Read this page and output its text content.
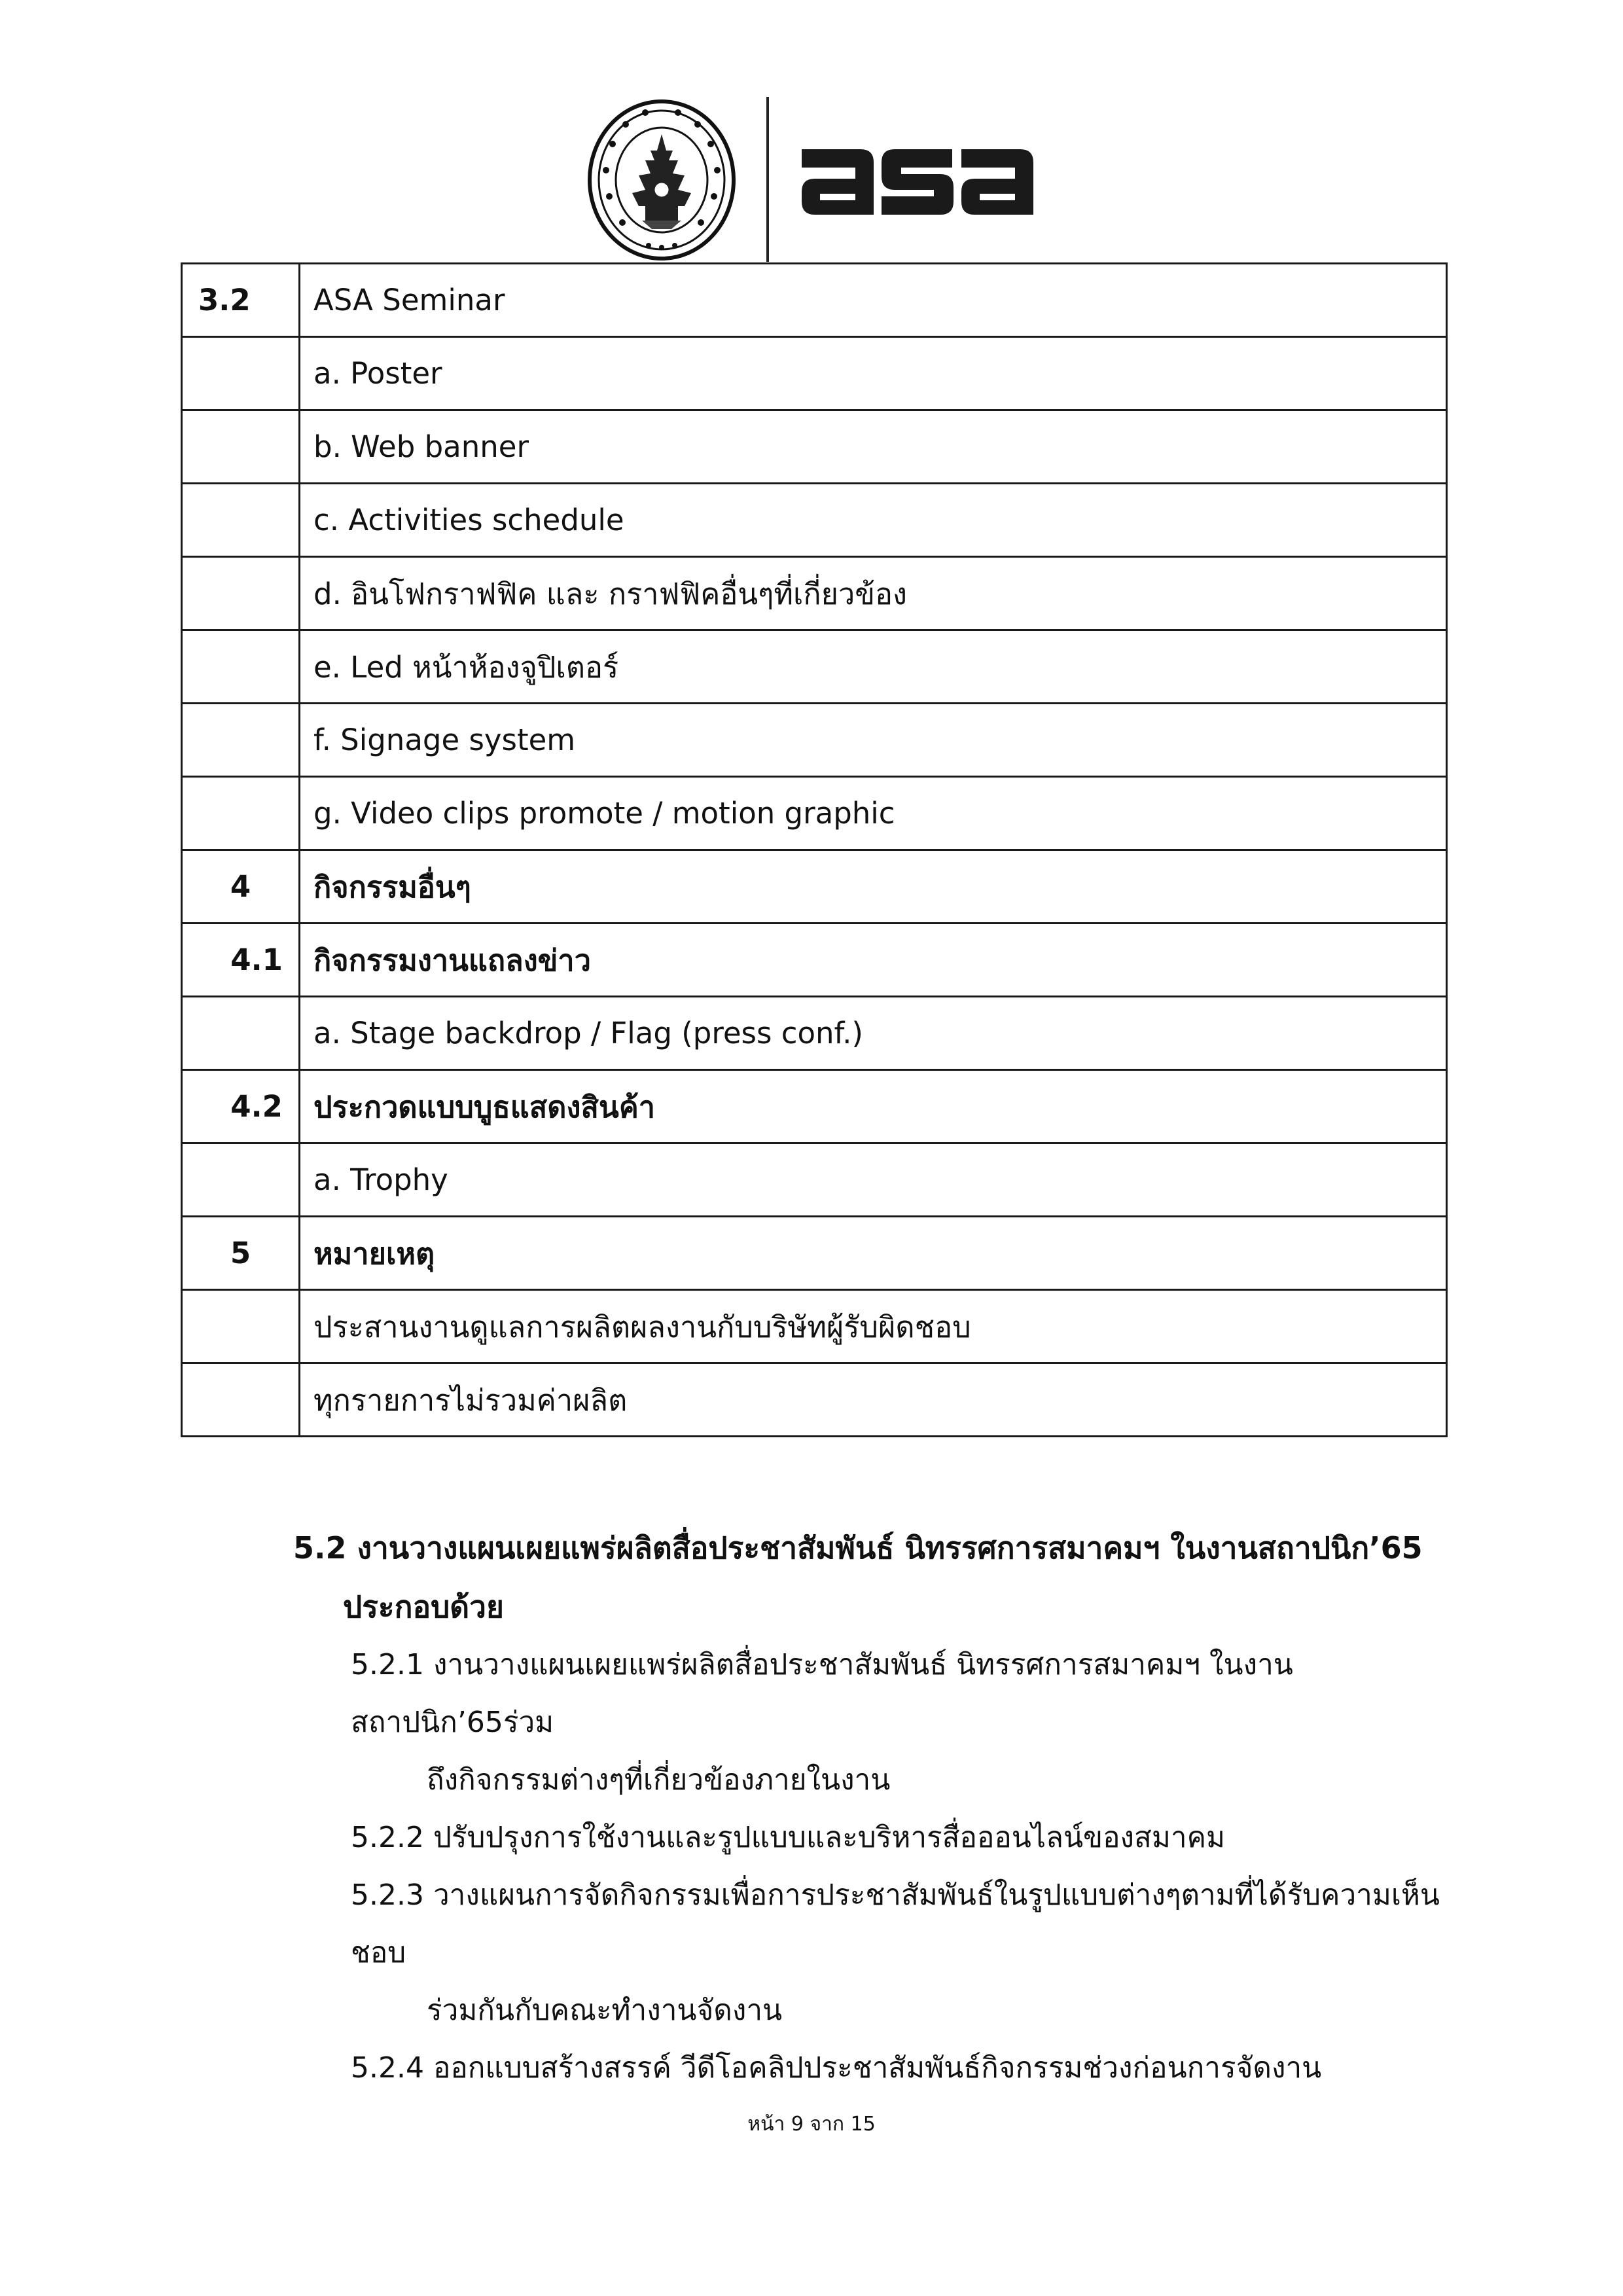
3.2	ASA Seminar
	a. Poster
	b. Web banner
	c. Activities schedule
	d. อินโฟกราฟฟิค และ กราฟฟิคอื่นๆที่เกี่ยวข้อง
	e. Led หน้าห้องจูปิเตอร์
	f. Signage system
	g. Video clips promote / motion graphic
4	กิจกรรมอื่นๆ
4.1	กิจกรรมงานแถลงข่าว
	a. Stage backdrop / Flag (press conf.)
4.2	ประกวดแบบบูธแสดงสินค้า
	a. Trophy
5	หมายเหตุ
	ประสานงานดูแลการผลิตผลงานกับบริษัทผู้รับผิดชอบ
	ทุกรายการไม่รวมค่าผลิต

5.2 งานวางแผนเผยแพร่ผลิตสื่อประชาสัมพันธ์ นิทรรศการสมาคมฯ ในงานสถาปนิก’65
ประกอบด้วย

5.2.1 งานวางแผนเผยแพร่ผลิตสื่อประชาสัมพันธ์ นิทรรศการสมาคมฯ ในงานสถาปนิก’65ร่วม
ถึงกิจกรรมต่างๆที่เกี่ยวข้องภายในงาน
5.2.2 ปรับปรุงการใช้งานและรูปแบบและบริหารสื่อออนไลน์ของสมาคม
5.2.3 วางแผนการจัดกิจกรรมเพื่อการประชาสัมพันธ์ในรูปแบบต่างๆตามที่ได้รับความเห็นชอบ
ร่วมกันกับคณะทำงานจัดงาน
5.2.4 ออกแบบสร้างสรรค์ วีดีโอคลิปประชาสัมพันธ์กิจกรรมช่วงก่อนการจัดงาน
หน้า 9 จาก 15
